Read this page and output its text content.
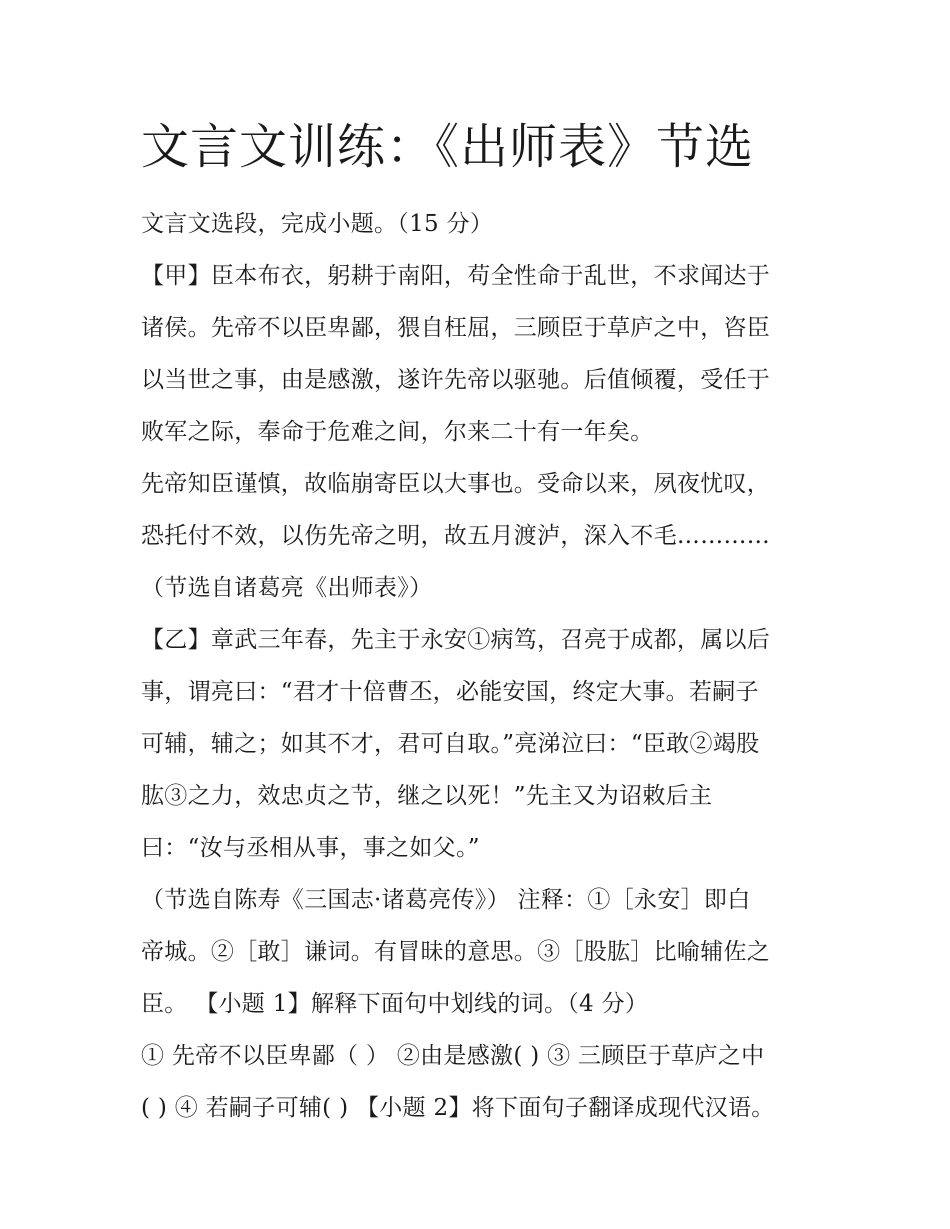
文言文训练：《出师表》节选
文言文选段，完成小题。（15 分）
【甲】臣本布衣，躬耕于南阳，苟全性命于乱世，不求闻达于
诸侯。先帝不以臣卑鄙，猥自枉屈，三顾臣于草庐之中，咨臣
以当世之事，由是感激，遂许先帝以驱驰。后值倾覆，受任于
败军之际，奉命于危难之间，尔来二十有一年矣。
先帝知臣谨慎，故临崩寄臣以大事也。受命以来，夙夜忧叹，
恐托付不效，以伤先帝之明，故五月渡泸，深入不毛…………
（节选自诸葛亮《出师表》）
【乙】章武三年春，先主于永安①病笃，召亮于成都，属以后
事，谓亮曰：“君才十倍曹丕，必能安国，终定大事。若嗣子
可辅，辅之；如其不才，君可自取。”亮涕泣曰：“臣敢②竭股
肱③之力，效忠贞之节，继之以死！”先主又为诏敕后主
曰：“汝与丞相从事，事之如父。”
（节选自陈寿《三国志·诸葛亮传》） 注释：①［永安］即白
帝城。②［敢］谦词。有冒昧的意思。③［股肱］比喻辅佐之
臣。 【小题 1】解释下面句中划线的词。（4 分）
① 先帝不以臣卑鄙（ ） ②由是感激( ) ③ 三顾臣于草庐之中
( ) ④ 若嗣子可辅( ) 【小题 2】将下面句子翻译成现代汉语。
